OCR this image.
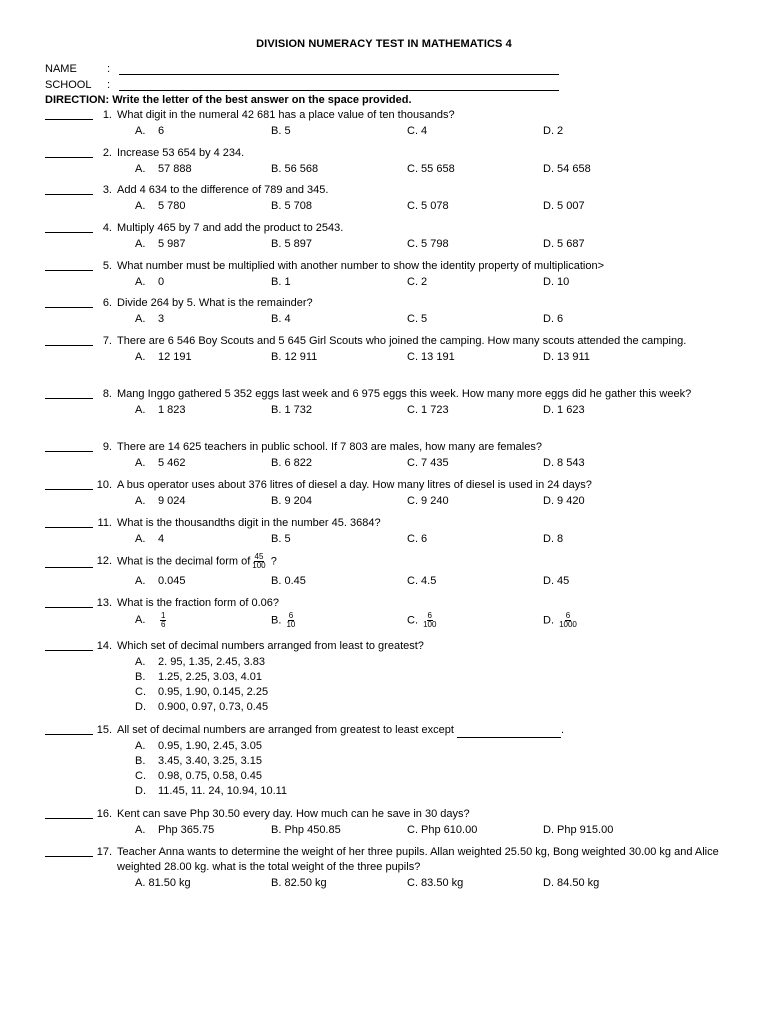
DIVISION NUMERACY TEST IN MATHEMATICS 4
NAME	:
SCHOOL :
DIRECTION: Write the letter of the best answer on the space provided.
1. What digit in the numeral 42 681 has a place value of ten thousands?
A. 6	B. 5	C. 4	D. 2
2. Increase 53 654 by 4 234.
A. 57 888	B. 56 568	C. 55 658	D. 54 658
3. Add 4 634 to the difference of 789 and 345.
A. 5 780	B. 5 708	C. 5 078	D. 5 007
4. Multiply 465 by 7 and add the product to 2543.
A. 5 987	B. 5 897	C. 5 798	D. 5 687
5. What number must be multiplied with another number to show the identity property of multiplication>
A. 0	B. 1	C. 2	D. 10
6. Divide 264 by 5. What is the remainder?
A. 3	B. 4	C. 5	D. 6
7. There are 6 546 Boy Scouts and 5 645 Girl Scouts who joined the camping. How many scouts attended the camping.
A. 12 191	B. 12 911	C. 13 191	D. 13 911
8. Mang Inggo gathered 5 352 eggs last week and 6 975 eggs this week. How many more eggs did he gather this week?
A. 1 823	B. 1 732	C. 1 723	D. 1 623
9. There are 14 625 teachers in public school. If 7 803 are males, how many are females?
A. 5 462	B. 6 822	C. 7 435	D. 8 543
10. A bus operator uses about 376 litres of diesel a day. How many litres of diesel is used in 24 days?
A. 9 024	B. 9 204	C. 9 240	D. 9 420
11. What is the thousandths digit in the number 45. 3684?
A. 4	B. 5	C. 6	D. 8
12. What is the decimal form of $\frac{45}{100}$ ?
A. 0.045	B. 0.45	C. 4.5	D. 45
13. What is the fraction form of 0.06?
A. $\frac{1}{6}$	B. $\frac{6}{10}$	C. $\frac{6}{100}$	D. $\frac{6}{1000}$
14. Which set of decimal numbers arranged from least to greatest?
A. 2. 95, 1.35, 2.45, 3.83
B. 1.25, 2.25, 3.03, 4.01
C. 0.95, 1.90, 0.145, 2.25
D. 0.900, 0.97, 0.73, 0.45
15. All set of decimal numbers are arranged from greatest to least except	.
A. 0.95, 1.90, 2.45, 3.05
B. 3.45, 3.40, 3.25, 3.15
C. 0.98, 0.75, 0.58, 0.45
D. 11.45, 11. 24, 10.94, 10.11
16. Kent can save Php 30.50 every day. How much can he save in 30 days?
A. Php 365.75	B. Php 450.85	C. Php 610.00	D. Php 915.00
17. Teacher Anna wants to determine the weight of her three pupils. Allan weighted 25.50 kg, Bong weighted 30.00 kg and Alice weighted 28.00 kg. what is the total weight of the three pupils?
A. 81.50 kg	B. 82.50 kg	C. 83.50 kg	D. 84.50 kg
